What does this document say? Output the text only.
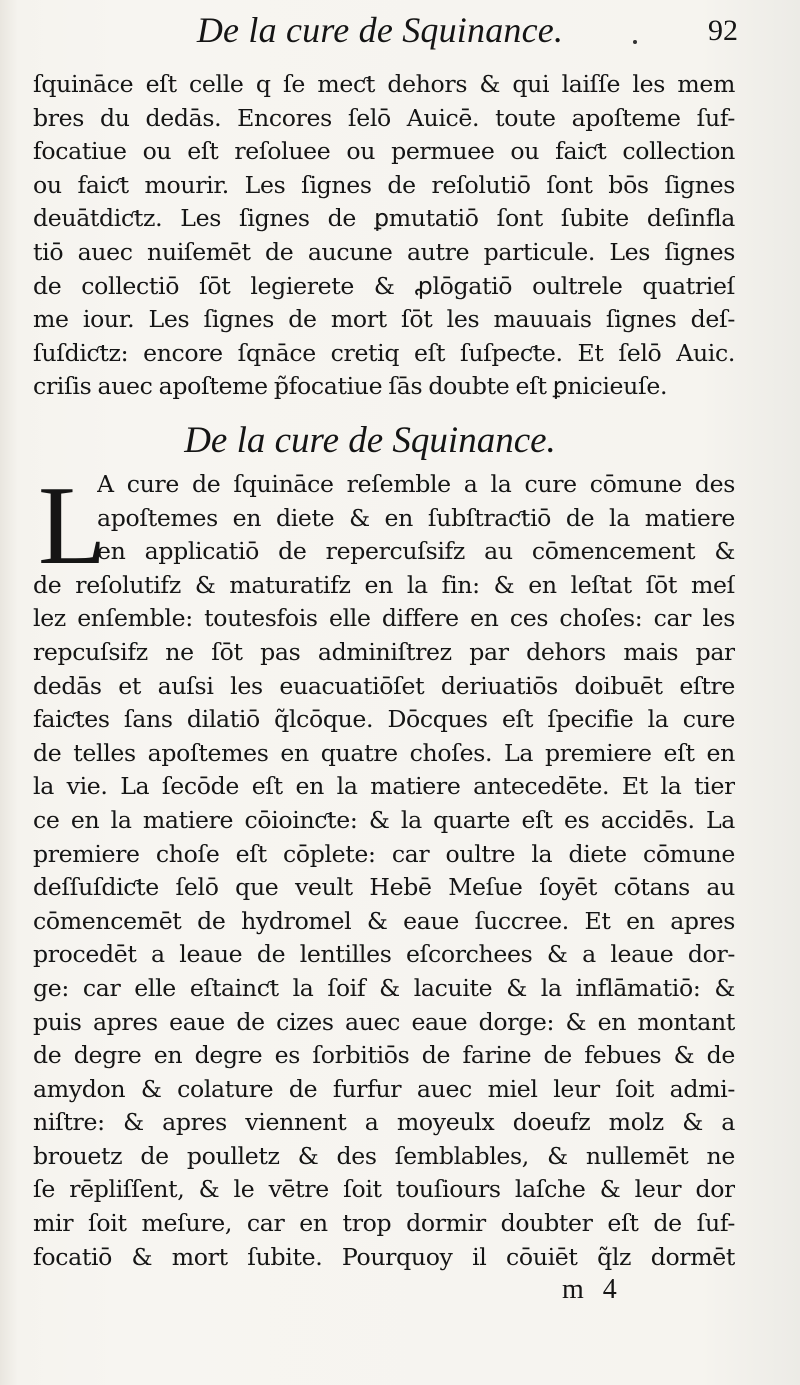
De la cure de Squinance.	92
ſquināce eſt celle q ſe meƈt dehors & qui laiſſe les mem
bres du dedās. Encores ſelō Auicē. toute apoſteme ſuf-
focatiue ou eſt reſoluee ou permuee ou faiƈt collection
ou faiƈt mourir. Les ſignes de reſolutiō ſont bōs ſignes
deuātdiƈtz. Les ſignes de ꝑmutatiō ſont ſubite deſinfla
tiō auec nuiſemēt de aucune autre particule. Les ſignes
de collectiō ſōt legierete & ꝓlōgatiō oultrele quatrieſ
me iour. Les ſignes de mort ſōt les mauuais ſignes deſ-
ſuſdiƈtz: encore ſqnāce cretiq eſt ſuſpeƈte. Et ſelō Auic.
criſis auec apoſteme p̃focatiue ſās doubte eſt ꝑnicieuſe.
De la cure de Squinance.
L
A cure de ſquināce reſemble a la cure cōmune des
apoſtemes en diete & en ſubſtraƈtiō de la matiere
en applicatiō de repercuſsifz au cōmencement &
de reſolutifz & maturatifz en la fin: & en leſtat ſōt meſ
lez enſemble: toutesfois elle differe en ces choſes: car les
repcuſsifz ne ſōt pas adminiſtrez par dehors mais par
dedās et auſsi les euacuatiōſet deriuatiōs doibuēt eſtre
faiƈtes ſans dilatiō q̃lcōque. Dōcques eſt ſpecifie la cure
de telles apoſtemes en quatre choſes. La premiere eſt en
la vie. La ſecōde eſt en la matiere antecedēte. Et la tier
ce en la matiere cōioinƈte: & la quarte eſt es accidēs. La
premiere choſe eſt cōplete: car oultre la diete cōmune
deſſuſdiƈte ſelō que veult Hebē Meſue ſoyēt cōtans au
cōmencemēt de hydromel & eaue ſuccree. Et en apres
procedēt a leaue de lentilles eſcorchees & a leaue dor-
ge: car elle eſtainƈt la ſoif & lacuite & la inflāmatiō: &
puis apres eaue de cizes auec eaue dorge: & en montant
de degre en degre es ſorbitiōs de farine de febues & de
amydon & colature de furfur auec miel leur ſoit admi-
niſtre: & apres viennent a moyeulx doeufz molz & a
brouetz de poulletz & des ſemblables, & nullemēt ne
ſe rēpliſſent, & le vētre ſoit touſiours laſche & leur dor
mir ſoit meſure, car en trop dormir doubter eſt de ſuf-
focatiō & mort ſubite. Pourquoy il cōuiēt q̃lz dormēt
m 4
